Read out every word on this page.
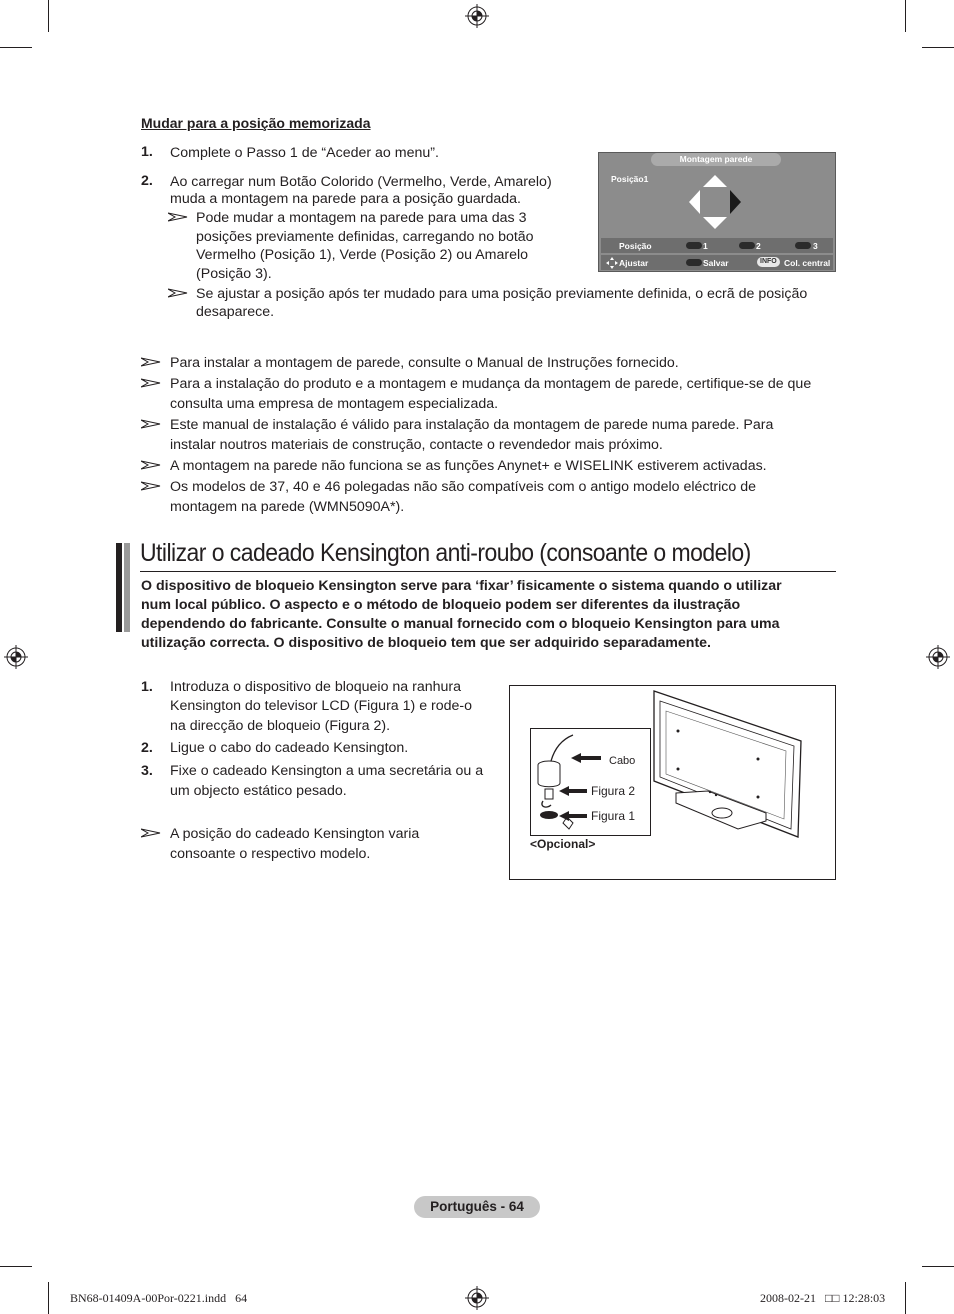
Mudar para a posição memorizada
1. Complete o Passo 1 de “Aceder ao menu”.
2. Ao carregar num Botão Colorido (Vermelho, Verde, Amarelo)
muda a montagem na parede para a posição guardada.
Pode mudar a montagem na parede para uma das 3
posições previamente definidas, carregando no botão
Vermelho (Posição 1), Verde (Posição 2) ou Amarelo
(Posição 3).
Se ajustar a posição após ter mudado para uma posição previamente definida, o ecrã de posição
desaparece.
Montagem parede
Posição1
Posição	1	2	3
Ajustar	Salvar	INFO Col. central
Para instalar a montagem de parede, consulte o Manual de Instruções fornecido.
Para a instalação do produto e a montagem e mudança da montagem de parede, certifique-se de que
consulta uma empresa de montagem especializada.
Este manual de instalação é válido para instalação da montagem de parede numa parede. Para
instalar noutros materiais de construção, contacte o revendedor mais próximo.
A montagem na parede não funciona se as funções Anynet+ e WISELINK estiverem activadas.
Os modelos de 37, 40 e 46 polegadas não são compatíveis com o antigo modelo eléctrico de
montagem na parede (WMN5090A*).
Utilizar o cadeado Kensington anti-roubo (consoante o modelo)
O dispositivo de bloqueio Kensington serve para ‘fixar’ fisicamente o sistema quando o utilizar
num local público. O aspecto e o método de bloqueio podem ser diferentes da ilustração
dependendo do fabricante. Consulte o manual fornecido com o bloqueio Kensington para uma
utilização correcta. O dispositivo de bloqueio tem que ser adquirido separadamente.
1. Introduza o dispositivo de bloqueio na ranhura
Kensington do televisor LCD (Figura 1) e rode-o
na direcção de bloqueio (Figura 2).
2. Ligue o cabo do cadeado Kensington.
3. Fixe o cadeado Kensington a uma secretária ou a
um objecto estático pesado.
A posição do cadeado Kensington varia
consoante o respectivo modelo.
Cabo
Figura 2
Figura 1
<Opcional>
Português - 64
BN68-01409A-00Por-0221.indd   64	2008-02-21   □□ 12:28:03
